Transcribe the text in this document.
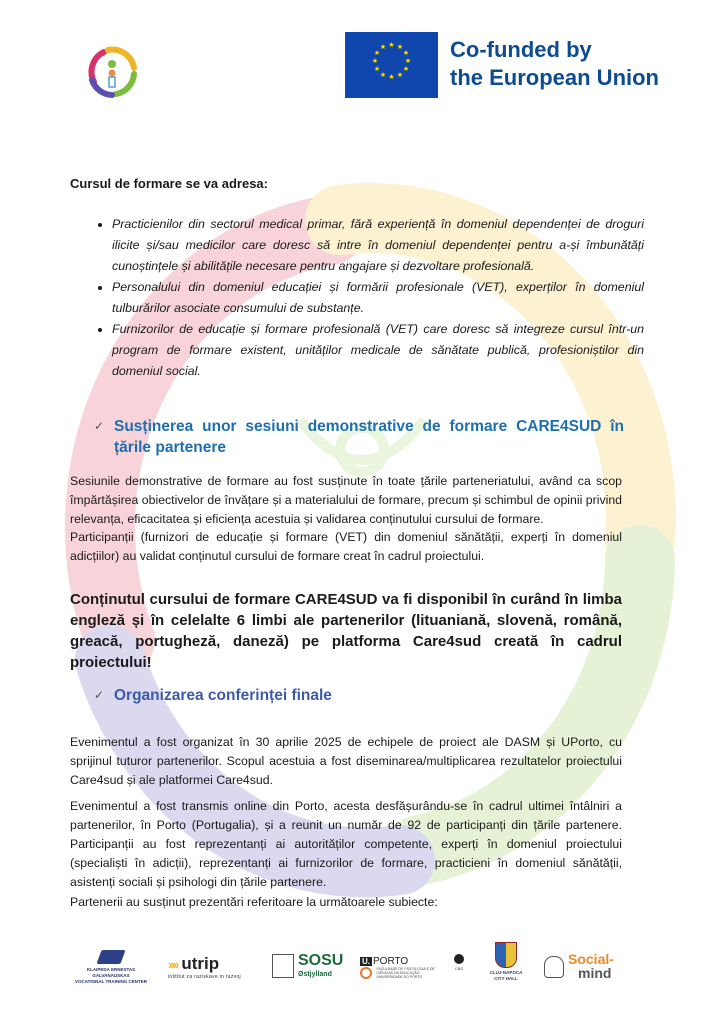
★ ★
★
★
★
★
★
★
★
★
★
★	Co-funded by
the European Union
Cursul de formare se va adresa:
• Practicienilor din sectorul medical primar, fără experiență în domeniul dependenței de droguri ilicite și/sau medicilor care doresc să intre în domeniul dependenței pentru a-și îmbunătăți cunoștințele și abilitățile necesare pentru angajare și dezvoltare profesională.
• Personalului din domeniul educației și formării profesionale (VET), experților în domeniul tulburărilor asociate consumului de substanțe.
• Furnizorilor de educație și formare profesională (VET) care doresc să integreze cursul într-un program de formare existent, unităților medicale de sănătate publică, profesioniștilor din domeniul social.
✓ Susținerea unor sesiuni demonstrative de formare CARE4SUD în țările partenere

Sesiunile demonstrative de formare au fost susținute în toate țările parteneriatului, având ca scop împărtășirea obiectivelor de învățare și a materialului de formare, precum și schimbul de opinii privind relevanța, eficacitatea și eficiența acestuia și validarea conținutului cursului de formare.

Participanții (furnizori de educație și formare (VET) din domeniul sănătății, experți în domeniul adicțiilor) au validat conținutul cursului de formare creat în cadrul proiectului.

Conținutul cursului de formare CARE4SUD va fi disponibil în curând în limba engleză și în celelalte 6 limbi ale partenerilor (lituaniană, slovenă, română, greacă, portugheză, daneză) pe platforma Care4sud creată în cadrul proiectului!

✓ Organizarea conferinței finale

Evenimentul a fost organizat în 30 aprilie 2025 de echipele de proiect ale DASM și UPorto, cu sprijinul tuturor partenerilor. Scopul acestuia a fost diseminarea/multiplicarea rezultatelor proiectului Care4sud și ale platformei Care4sud.

Evenimentul a fost transmis online din Porto, acesta desfășurându-se în cadrul ultimei întâlniri a partenerilor, în Porto (Portugalia), și a reunit un număr de 92 de participanți din țările partenere. Participanții au fost reprezentanți ai autorităților competente, experți în domeniul proiectului (specialiști în adicții), reprezentanți ai furnizorilor de formare, practicieni în domeniul sănătății, asistenți sociali și psihologi din țările partenere.

Partenerii au susținut prezentări referitoare la următoarele subiecte:

KLAIPEDA ERNESTAS GALVANAUSKAS
VOCATIONAL TRAINING CENTER
›››› utrip
inštitut za raziskave in razvoj
SOSU
Østjylland
U. PORTO
FACULDADE DE PSICOLOGIA E DE CIÊNCIAS DA EDUCAÇÃO UNIVERSIDADE DO PORTO
CBS
CLUJ-NAPOCA
CITY HALL
Social-
mind
